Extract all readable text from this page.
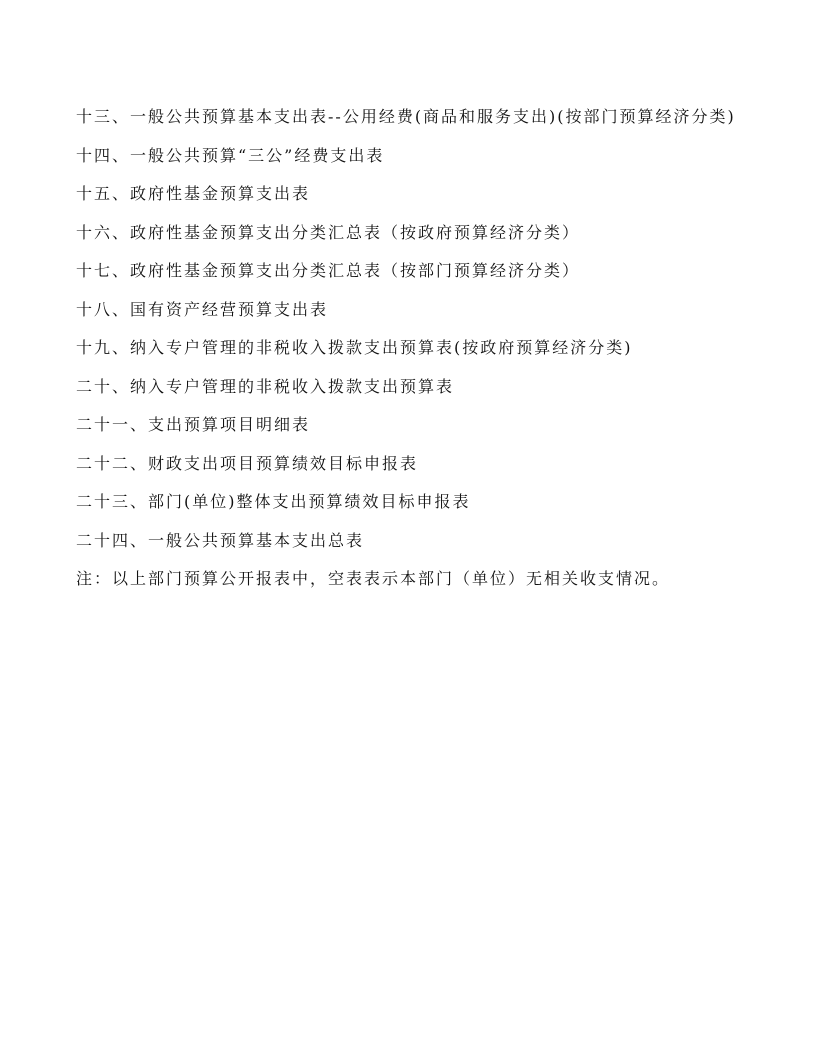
十三、一般公共预算基本支出表--公用经费(商品和服务支出)(按部门预算经济分类)
十四、一般公共预算“三公”经费支出表
十五、政府性基金预算支出表
十六、政府性基金预算支出分类汇总表（按政府预算经济分类）
十七、政府性基金预算支出分类汇总表（按部门预算经济分类）
十八、国有资产经营预算支出表
十九、纳入专户管理的非税收入拨款支出预算表(按政府预算经济分类)
二十、纳入专户管理的非税收入拨款支出预算表
二十一、支出预算项目明细表
二十二、财政支出项目预算绩效目标申报表
二十三、部门(单位)整体支出预算绩效目标申报表
二十四、一般公共预算基本支出总表
注：以上部门预算公开报表中，空表表示本部门（单位）无相关收支情况。
